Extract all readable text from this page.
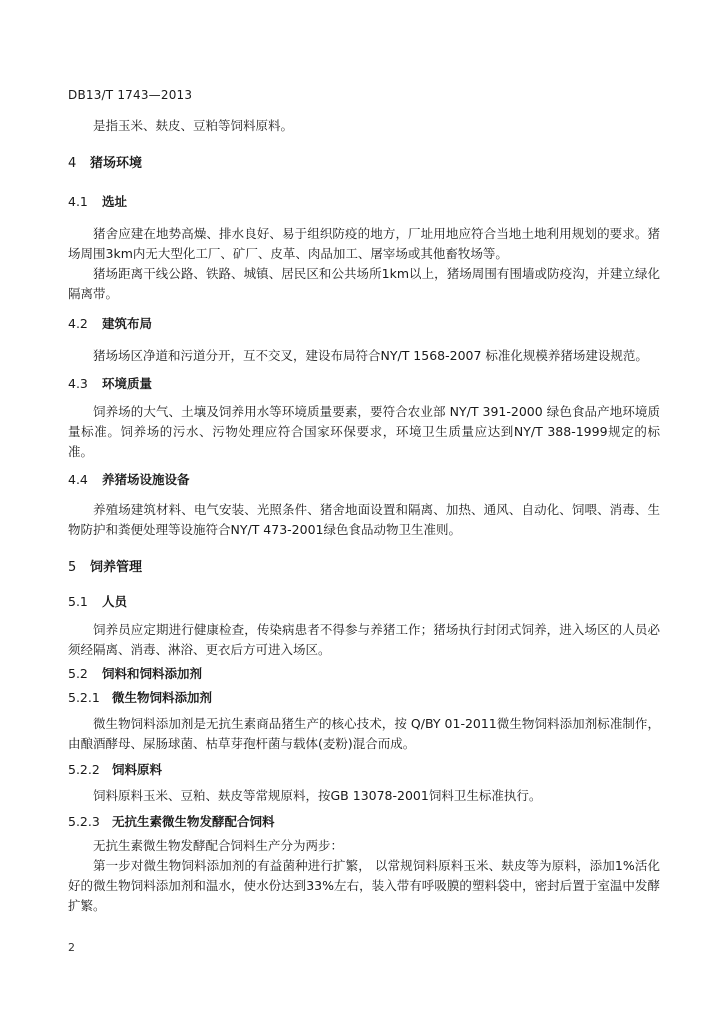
DB13/T 1743—2013

是指玉米、麸皮、豆粕等饲料原料。

4 猪场环境
4.1 选址

猪舍应建在地势高燥、排水良好、易于组织防疫的地方，厂址用地应符合当地土地利用规划的要求。猪场周围3km内无大型化工厂、矿厂、皮革、肉品加工、屠宰场或其他畜牧场等。

猪场距离干线公路、铁路、城镇、居民区和公共场所1km以上，猪场周围有围墙或防疫沟，并建立绿化隔离带。

4.2 建筑布局

猪场场区净道和污道分开，互不交叉，建设布局符合NY/T 1568-2007 标准化规模养猪场建设规范。

4.3 环境质量

饲养场的大气、土壤及饲养用水等环境质量要素，要符合农业部 NY/T 391-2000 绿色食品产地环境质量标准。饲养场的污水、污物处理应符合国家环保要求，环境卫生质量应达到NY/T 388-1999规定的标准。

4.4 养猪场设施设备

养殖场建筑材料、电气安装、光照条件、猪舍地面设置和隔离、加热、通风、自动化、饲喂、消毒、生物防护和粪便处理等设施符合NY/T 473-2001绿色食品动物卫生准则。

5 饲养管理
5.1 人员

饲养员应定期进行健康检查，传染病患者不得参与养猪工作；猪场执行封闭式饲养，进入场区的人员必须经隔离、消毒、淋浴、更衣后方可进入场区。

5.2 饲料和饲料添加剂
5.2.1 微生物饲料添加剂

微生物饲料添加剂是无抗生素商品猪生产的核心技术，按 Q/BY 01-2011微生物饲料添加剂标准制作，由酿酒酵母、屎肠球菌、枯草芽孢杆菌与载体(麦粉)混合而成。

5.2.2 饲料原料

饲料原料玉米、豆粕、麸皮等常规原料，按GB 13078-2001饲料卫生标准执行。

5.2.3 无抗生素微生物发酵配合饲料

无抗生素微生物发酵配合饲料生产分为两步：

第一步对微生物饲料添加剂的有益菌种进行扩繁， 以常规饲料原料玉米、麸皮等为原料，添加1%活化好的微生物饲料添加剂和温水，使水份达到33%左右，装入带有呼吸膜的塑料袋中，密封后置于室温中发酵扩繁。

2
